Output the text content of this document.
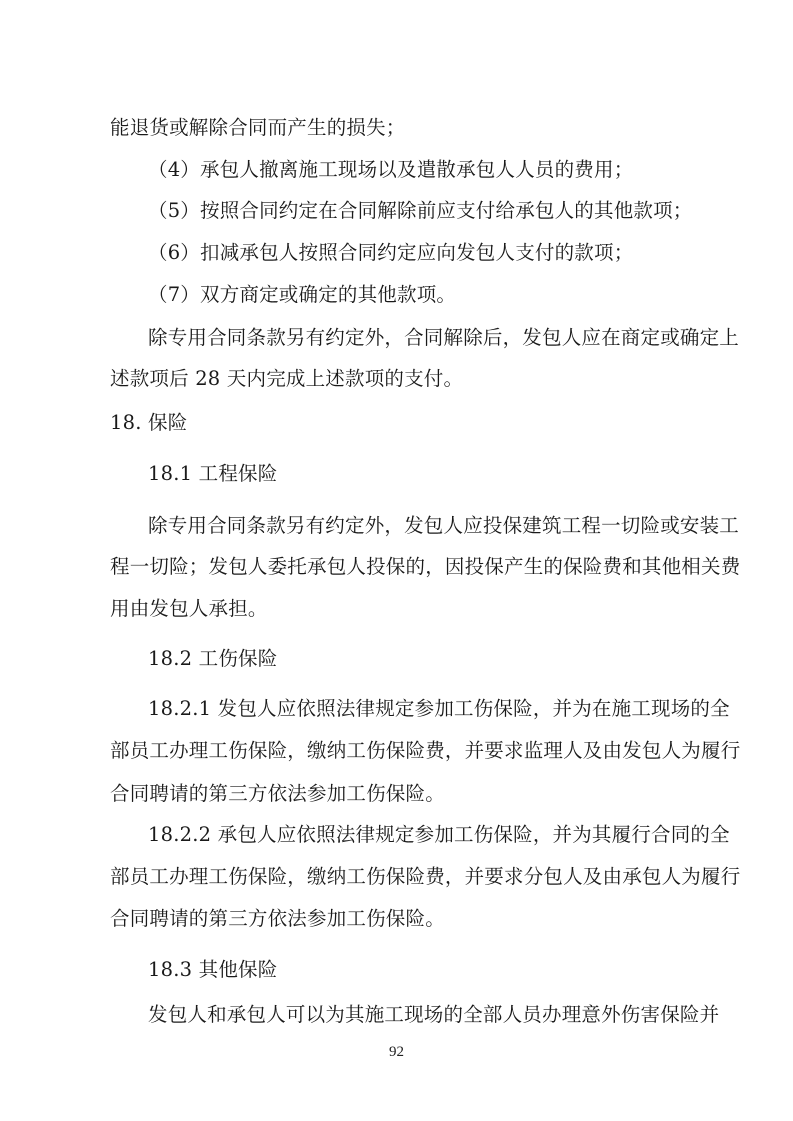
能退货或解除合同而产生的损失；
（4）承包人撤离施工现场以及遣散承包人人员的费用；
（5）按照合同约定在合同解除前应支付给承包人的其他款项；
（6）扣减承包人按照合同约定应向发包人支付的款项；
（7）双方商定或确定的其他款项。
除专用合同条款另有约定外，合同解除后，发包人应在商定或确定上
述款项后 28 天内完成上述款项的支付。
18. 保险
18.1 工程保险
除专用合同条款另有约定外，发包人应投保建筑工程一切险或安装工
程一切险；发包人委托承包人投保的，因投保产生的保险费和其他相关费
用由发包人承担。
18.2 工伤保险
18.2.1 发包人应依照法律规定参加工伤保险，并为在施工现场的全
部员工办理工伤保险，缴纳工伤保险费，并要求监理人及由发包人为履行
合同聘请的第三方依法参加工伤保险。
18.2.2 承包人应依照法律规定参加工伤保险，并为其履行合同的全
部员工办理工伤保险，缴纳工伤保险费，并要求分包人及由承包人为履行
合同聘请的第三方依法参加工伤保险。
18.3 其他保险
发包人和承包人可以为其施工现场的全部人员办理意外伤害保险并
92
